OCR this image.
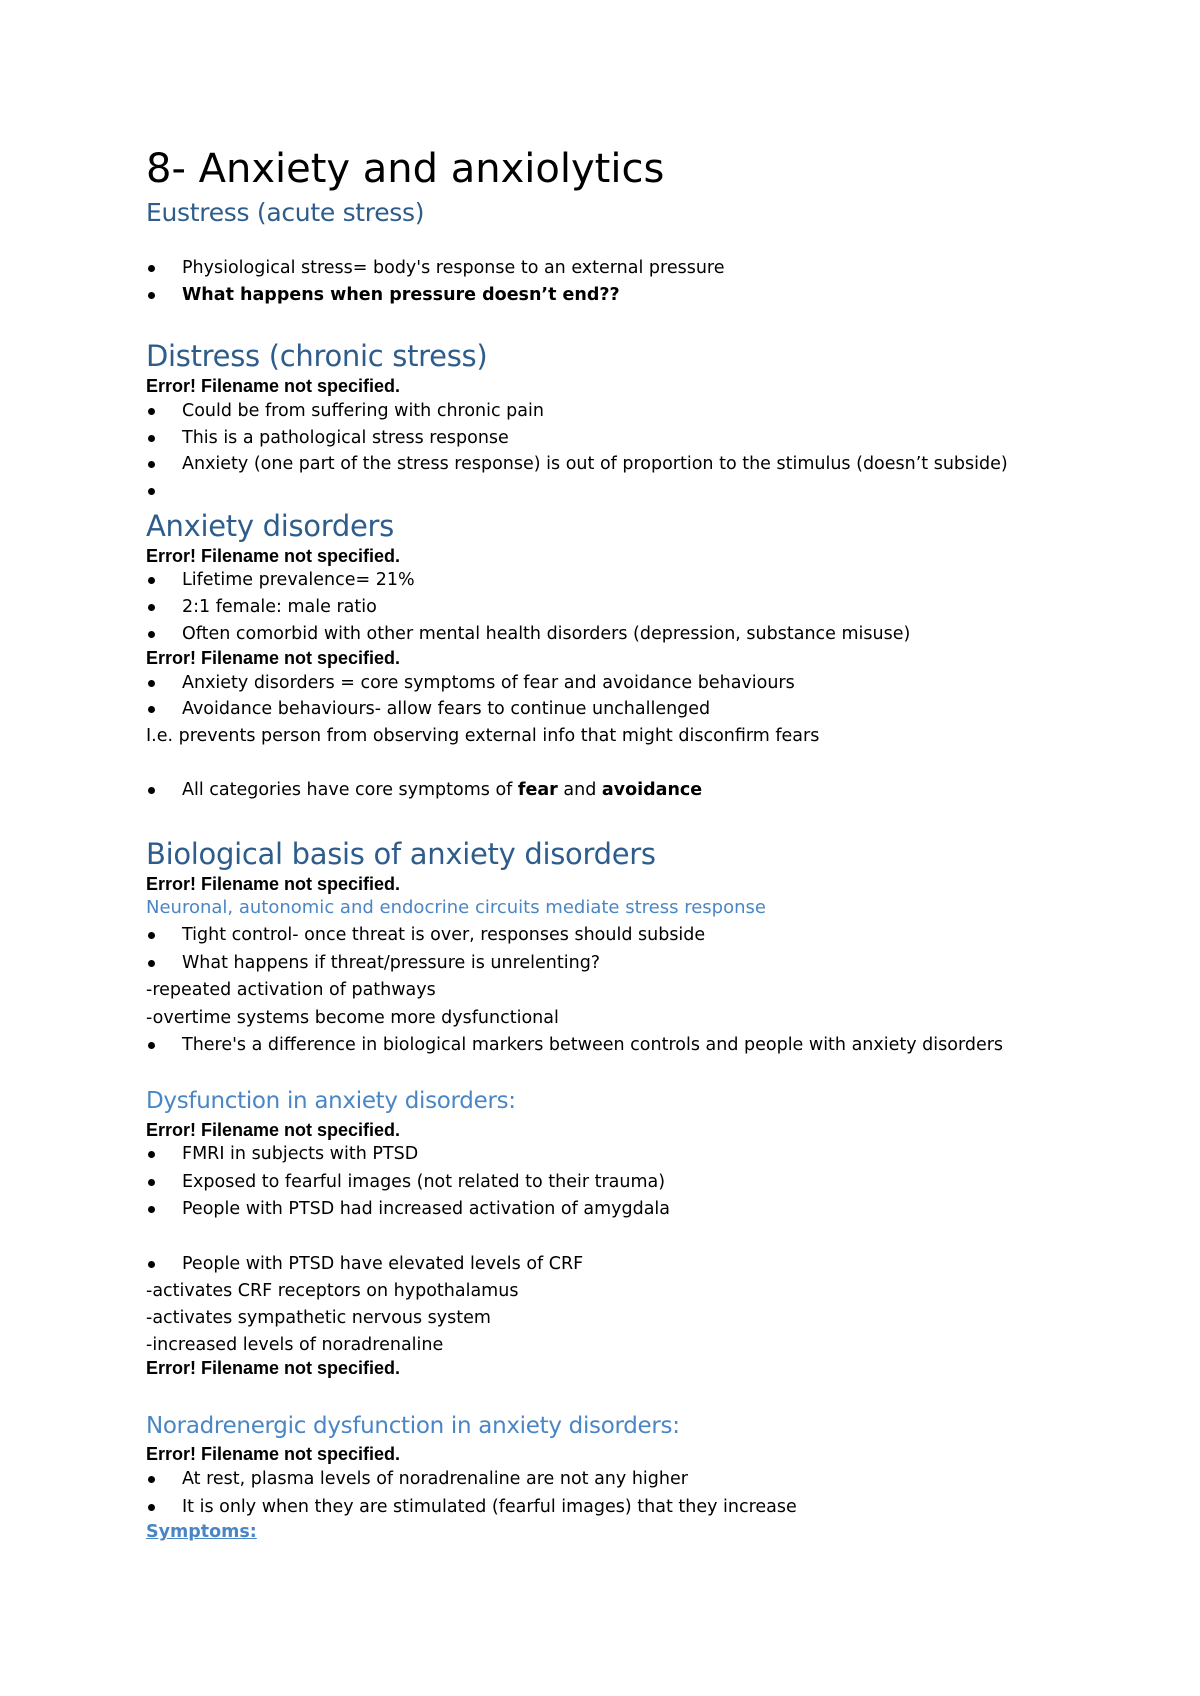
8- Anxiety and anxiolytics
Eustress (acute stress)
Physiological stress= body's response to an external pressure
What happens when pressure doesn’t end??
Distress (chronic stress)
Error! Filename not specified.
Could be from suffering with chronic pain
This is a pathological stress response
Anxiety (one part of the stress response) is out of proportion to the stimulus (doesn’t subside)
Anxiety disorders
Error! Filename not specified.
Lifetime prevalence= 21%
2:1 female: male ratio
Often comorbid with other mental health disorders (depression, substance misuse)
Error! Filename not specified.
Anxiety disorders = core symptoms of fear and avoidance behaviours
Avoidance behaviours- allow fears to continue unchallenged
I.e. prevents person from observing external info that might disconfirm fears
All categories have core symptoms of fear and avoidance
Biological basis of anxiety disorders
Error! Filename not specified.
Neuronal, autonomic and endocrine circuits mediate stress response
Tight control- once threat is over, responses should subside
What happens if threat/pressure is unrelenting?
-repeated activation of pathways
-overtime systems become more dysfunctional
There's a difference in biological markers between controls and people with anxiety disorders
Dysfunction in anxiety disorders:
Error! Filename not specified.
FMRI in subjects with PTSD
Exposed to fearful images (not related to their trauma)
People with PTSD had increased activation of amygdala
People with PTSD have elevated levels of CRF
-activates CRF receptors on hypothalamus
-activates sympathetic nervous system
-increased levels of noradrenaline
Error! Filename not specified.
Noradrenergic dysfunction in anxiety disorders:
Error! Filename not specified.
At rest, plasma levels of noradrenaline are not any higher
It is only when they are stimulated (fearful images) that they increase
Symptoms:
